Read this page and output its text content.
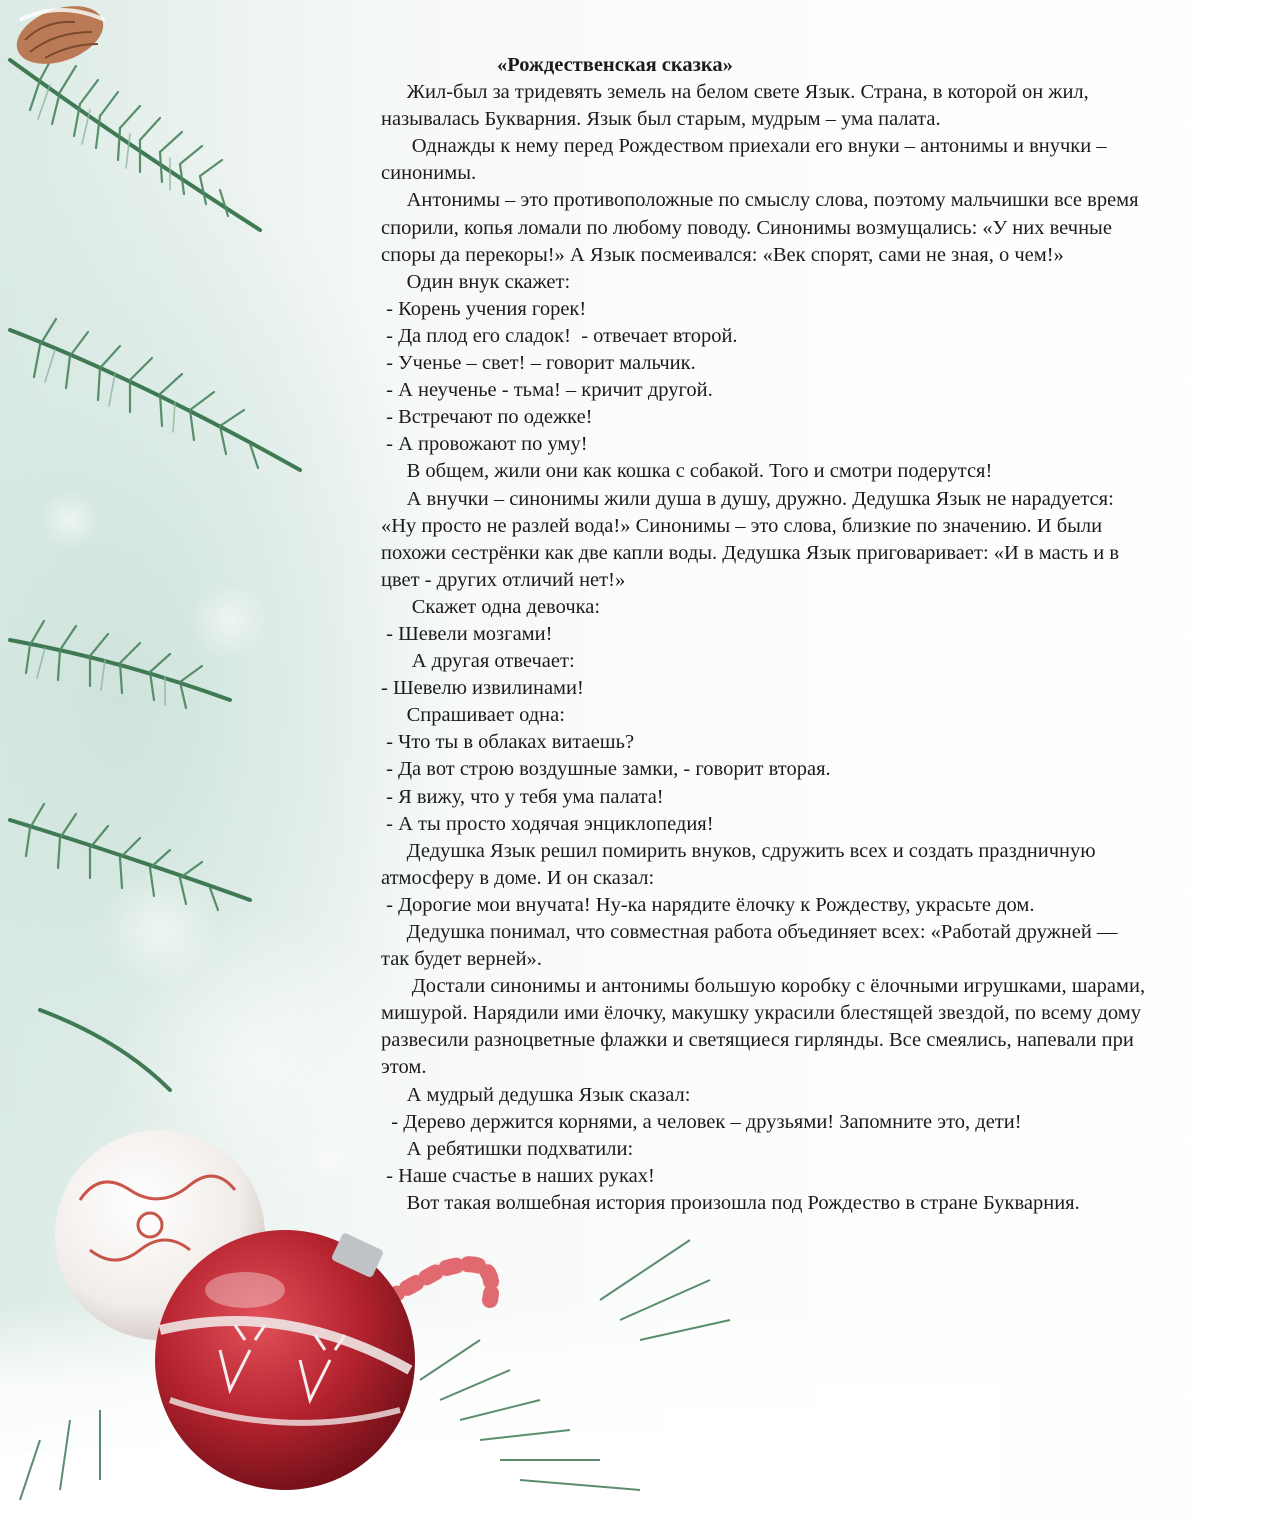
«Рождественская сказка»

Жил-был за тридевять земель на белом свете Язык. Страна, в которой он жил,

называлась Букварния. Язык был старым, мудрым – ума палата.

Однажды к нему перед Рождеством приехали его внуки – антонимы и внучки –

синонимы.

Антонимы – это противоположные по смыслу слова, поэтому мальчишки все время

спорили, копья ломали по любому поводу. Синонимы возмущались: «У них вечные

споры да перекоры!» А Язык посмеивался: «Век спорят, сами не зная, о чем!»

Один внук скажет:

- Корень учения горек!

- Да плод его сладок!  - отвечает второй.

- Ученье – свет! – говорит мальчик.

- А неученье - тьма! – кричит другой.

- Встречают по одежке!

- А провожают по уму!

В общем, жили они как кошка с собакой. Того и смотри подерутся!

А внучки – синонимы жили душа в душу, дружно. Дедушка Язык не нарадуется:

«Ну просто не разлей вода!» Синонимы – это слова, близкие по значению. И были

похожи сестрёнки как две капли воды. Дедушка Язык приговаривает: «И в масть и в

цвет - других отличий нет!»

Скажет одна девочка:

- Шевели мозгами!

А другая отвечает:

- Шевелю извилинами!

Спрашивает одна:

- Что ты в облаках витаешь?

- Да вот строю воздушные замки, - говорит вторая.

- Я вижу, что у тебя ума палата!

- А ты просто ходячая энциклопедия!

Дедушка Язык решил помирить внуков, сдружить всех и создать праздничную

атмосферу в доме. И он сказал:

- Дорогие мои внучата! Ну-ка нарядите ёлочку к Рождеству, украсьте дом.

Дедушка понимал, что совместная работа объединяет всех: «Работай дружней —

так будет верней».

Достали синонимы и антонимы большую коробку с ёлочными игрушками, шарами,

мишурой. Нарядили ими ёлочку, макушку украсили блестящей звездой, по всему дому

развесили разноцветные флажки и светящиеся гирлянды. Все смеялись, напевали при

этом.

А мудрый дедушка Язык сказал:

- Дерево держится корнями, а человек – друзьями! Запомните это, дети!

А ребятишки подхватили:

- Наше счастье в наших руках!

Вот такая волшебная история произошла под Рождество в стране Букварния.
